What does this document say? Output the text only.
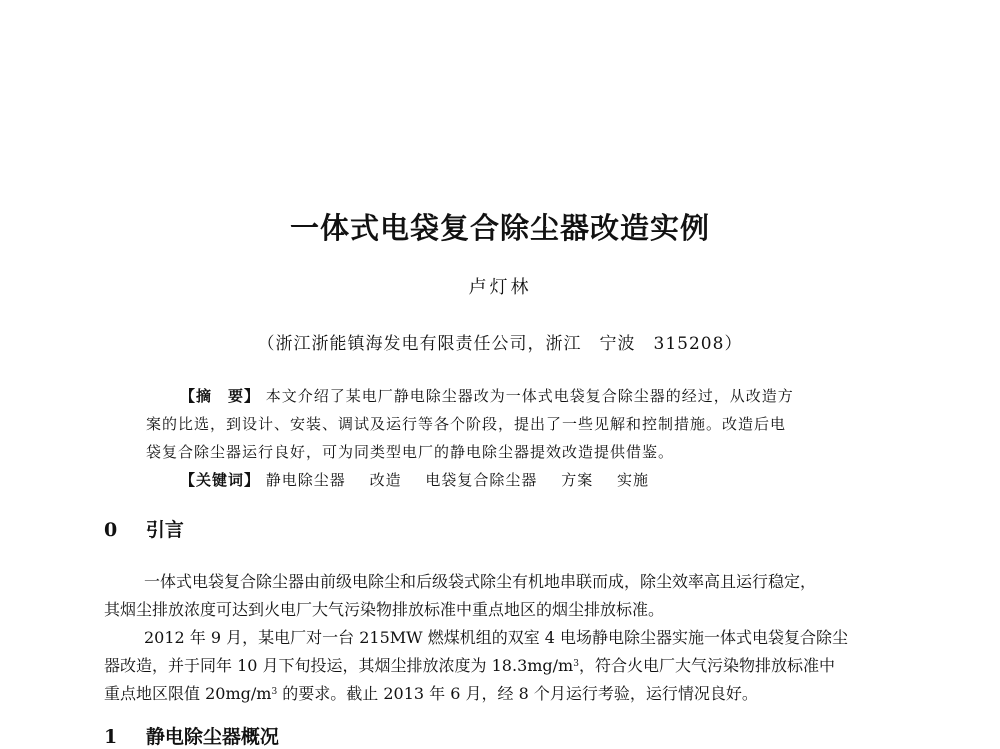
一体式电袋复合除尘器改造实例
卢灯林
（浙江浙能镇海发电有限责任公司，浙江　宁波　315208）
【摘　要】 本文介绍了某电厂静电除尘器改为一体式电袋复合除尘器的经过，从改造方
案的比选，到设计、安装、调试及运行等各个阶段，提出了一些见解和控制措施。改造后电
袋复合除尘器运行良好，可为同类型电厂的静电除尘器提效改造提供借鉴。
【关键词】 静电除尘器 改造 电袋复合除尘器 方案 实施
0 引言
一体式电袋复合除尘器由前级电除尘和后级袋式除尘有机地串联而成，除尘效率高且运行稳定，
其烟尘排放浓度可达到火电厂大气污染物排放标准中重点地区的烟尘排放标准。
2012 年 9 月，某电厂对一台 215MW 燃煤机组的双室 4 电场静电除尘器实施一体式电袋复合除尘
器改造，并于同年 10 月下旬投运，其烟尘排放浓度为 $18.3mg/m^3$，符合火电厂大气污染物排放标准中
重点地区限值 $20mg/m^3$ 的要求。截止 2013 年 6 月，经 8 个月运行考验，运行情况良好。
1 静电除尘器概况
